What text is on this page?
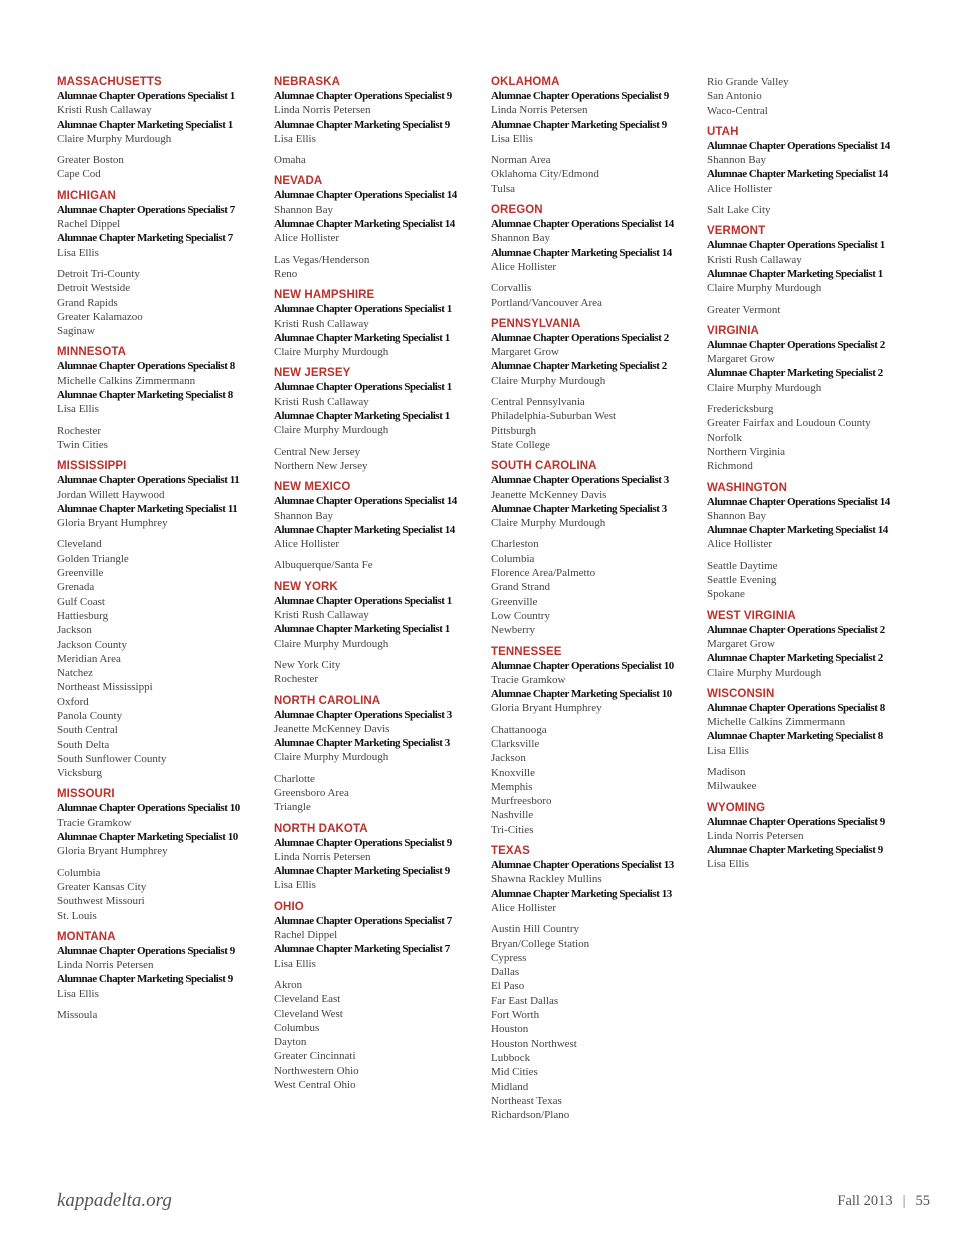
MASSACHUSETTS
Alumnae Chapter Operations Specialist 1
Kristi Rush Callaway
Alumnae Chapter Marketing Specialist 1
Claire Murphy Murdough
Greater Boston
Cape Cod
MICHIGAN
Alumnae Chapter Operations Specialist 7
Rachel Dippel
Alumnae Chapter Marketing Specialist 7
Lisa Ellis
Detroit Tri-County
Detroit Westside
Grand Rapids
Greater Kalamazoo
Saginaw
MINNESOTA
Alumnae Chapter Operations Specialist 8
Michelle Calkins Zimmermann
Alumnae Chapter Marketing Specialist 8
Lisa Ellis
Rochester
Twin Cities
MISSISSIPPI
Alumnae Chapter Operations Specialist 11
Jordan Willett Haywood
Alumnae Chapter Marketing Specialist 11
Gloria Bryant Humphrey
Cleveland
Golden Triangle
Greenville
Grenada
Gulf Coast
Hattiesburg
Jackson
Jackson County
Meridian Area
Natchez
Northeast Mississippi
Oxford
Panola County
South Central
South Delta
South Sunflower County
Vicksburg
MISSOURI
Alumnae Chapter Operations Specialist 10
Tracie Gramkow
Alumnae Chapter Marketing Specialist 10
Gloria Bryant Humphrey
Columbia
Greater Kansas City
Southwest Missouri
St. Louis
MONTANA
Alumnae Chapter Operations Specialist 9
Linda Norris Petersen
Alumnae Chapter Marketing Specialist 9
Lisa Ellis
Missoula
NEBRASKA
Alumnae Chapter Operations Specialist 9
Linda Norris Petersen
Alumnae Chapter Marketing Specialist 9
Lisa Ellis
Omaha
NEVADA
Alumnae Chapter Operations Specialist 14
Shannon Bay
Alumnae Chapter Marketing Specialist 14
Alice Hollister
Las Vegas/Henderson
Reno
NEW HAMPSHIRE
Alumnae Chapter Operations Specialist 1
Kristi Rush Callaway
Alumnae Chapter Marketing Specialist 1
Claire Murphy Murdough
NEW JERSEY
Alumnae Chapter Operations Specialist 1
Kristi Rush Callaway
Alumnae Chapter Marketing Specialist 1
Claire Murphy Murdough
Central New Jersey
Northern New Jersey
NEW MEXICO
Alumnae Chapter Operations Specialist 14
Shannon Bay
Alumnae Chapter Marketing Specialist 14
Alice Hollister
Albuquerque/Santa Fe
NEW YORK
Alumnae Chapter Operations Specialist 1
Kristi Rush Callaway
Alumnae Chapter Marketing Specialist 1
Claire Murphy Murdough
New York City
Rochester
NORTH CAROLINA
Alumnae Chapter Operations Specialist 3
Jeanette McKenney Davis
Alumnae Chapter Marketing Specialist 3
Claire Murphy Murdough
Charlotte
Greensboro Area
Triangle
NORTH DAKOTA
Alumnae Chapter Operations Specialist 9
Linda Norris Petersen
Alumnae Chapter Marketing Specialist 9
Lisa Ellis
OHIO
Alumnae Chapter Operations Specialist 7
Rachel Dippel
Alumnae Chapter Marketing Specialist 7
Lisa Ellis
Akron
Cleveland East
Cleveland West
Columbus
Dayton
Greater Cincinnati
Northwestern Ohio
West Central Ohio
OKLAHOMA
Alumnae Chapter Operations Specialist 9
Linda Norris Petersen
Alumnae Chapter Marketing Specialist 9
Lisa Ellis
Norman Area
Oklahoma City/Edmond
Tulsa
OREGON
Alumnae Chapter Operations Specialist 14
Shannon Bay
Alumnae Chapter Marketing Specialist 14
Alice Hollister
Corvallis
Portland/Vancouver Area
PENNSYLVANIA
Alumnae Chapter Operations Specialist 2
Margaret Grow
Alumnae Chapter Marketing Specialist 2
Claire Murphy Murdough
Central Pennsylvania
Philadelphia-Suburban West
Pittsburgh
State College
SOUTH CAROLINA
Alumnae Chapter Operations Specialist 3
Jeanette McKenney Davis
Alumnae Chapter Marketing Specialist 3
Claire Murphy Murdough
Charleston
Columbia
Florence Area/Palmetto
Grand Strand
Greenville
Low Country
Newberry
TENNESSEE
Alumnae Chapter Operations Specialist 10
Tracie Gramkow
Alumnae Chapter Marketing Specialist 10
Gloria Bryant Humphrey
Chattanooga
Clarksville
Jackson
Knoxville
Memphis
Murfreesboro
Nashville
Tri-Cities
TEXAS
Alumnae Chapter Operations Specialist 13
Shawna Rackley Mullins
Alumnae Chapter Marketing Specialist 13
Alice Hollister
Austin Hill Country
Bryan/College Station
Cypress
Dallas
El Paso
Far East Dallas
Fort Worth
Houston
Houston Northwest
Lubbock
Mid Cities
Midland
Northeast Texas
Richardson/Plano
Rio Grande Valley
San Antonio
Waco-Central
UTAH
Alumnae Chapter Operations Specialist 14
Shannon Bay
Alumnae Chapter Marketing Specialist 14
Alice Hollister
Salt Lake City
VERMONT
Alumnae Chapter Operations Specialist 1
Kristi Rush Callaway
Alumnae Chapter Marketing Specialist 1
Claire Murphy Murdough
Greater Vermont
VIRGINIA
Alumnae Chapter Operations Specialist 2
Margaret Grow
Alumnae Chapter Marketing Specialist 2
Claire Murphy Murdough
Fredericksburg
Greater Fairfax and Loudoun County
Norfolk
Northern Virginia
Richmond
WASHINGTON
Alumnae Chapter Operations Specialist 14
Shannon Bay
Alumnae Chapter Marketing Specialist 14
Alice Hollister
Seattle Daytime
Seattle Evening
Spokane
WEST VIRGINIA
Alumnae Chapter Operations Specialist 2
Margaret Grow
Alumnae Chapter Marketing Specialist 2
Claire Murphy Murdough
WISCONSIN
Alumnae Chapter Operations Specialist 8
Michelle Calkins Zimmermann
Alumnae Chapter Marketing Specialist 8
Lisa Ellis
Madison
Milwaukee
WYOMING
Alumnae Chapter Operations Specialist 9
Linda Norris Petersen
Alumnae Chapter Marketing Specialist 9
Lisa Ellis
kappadelta.org	Fall 2013 | 55
